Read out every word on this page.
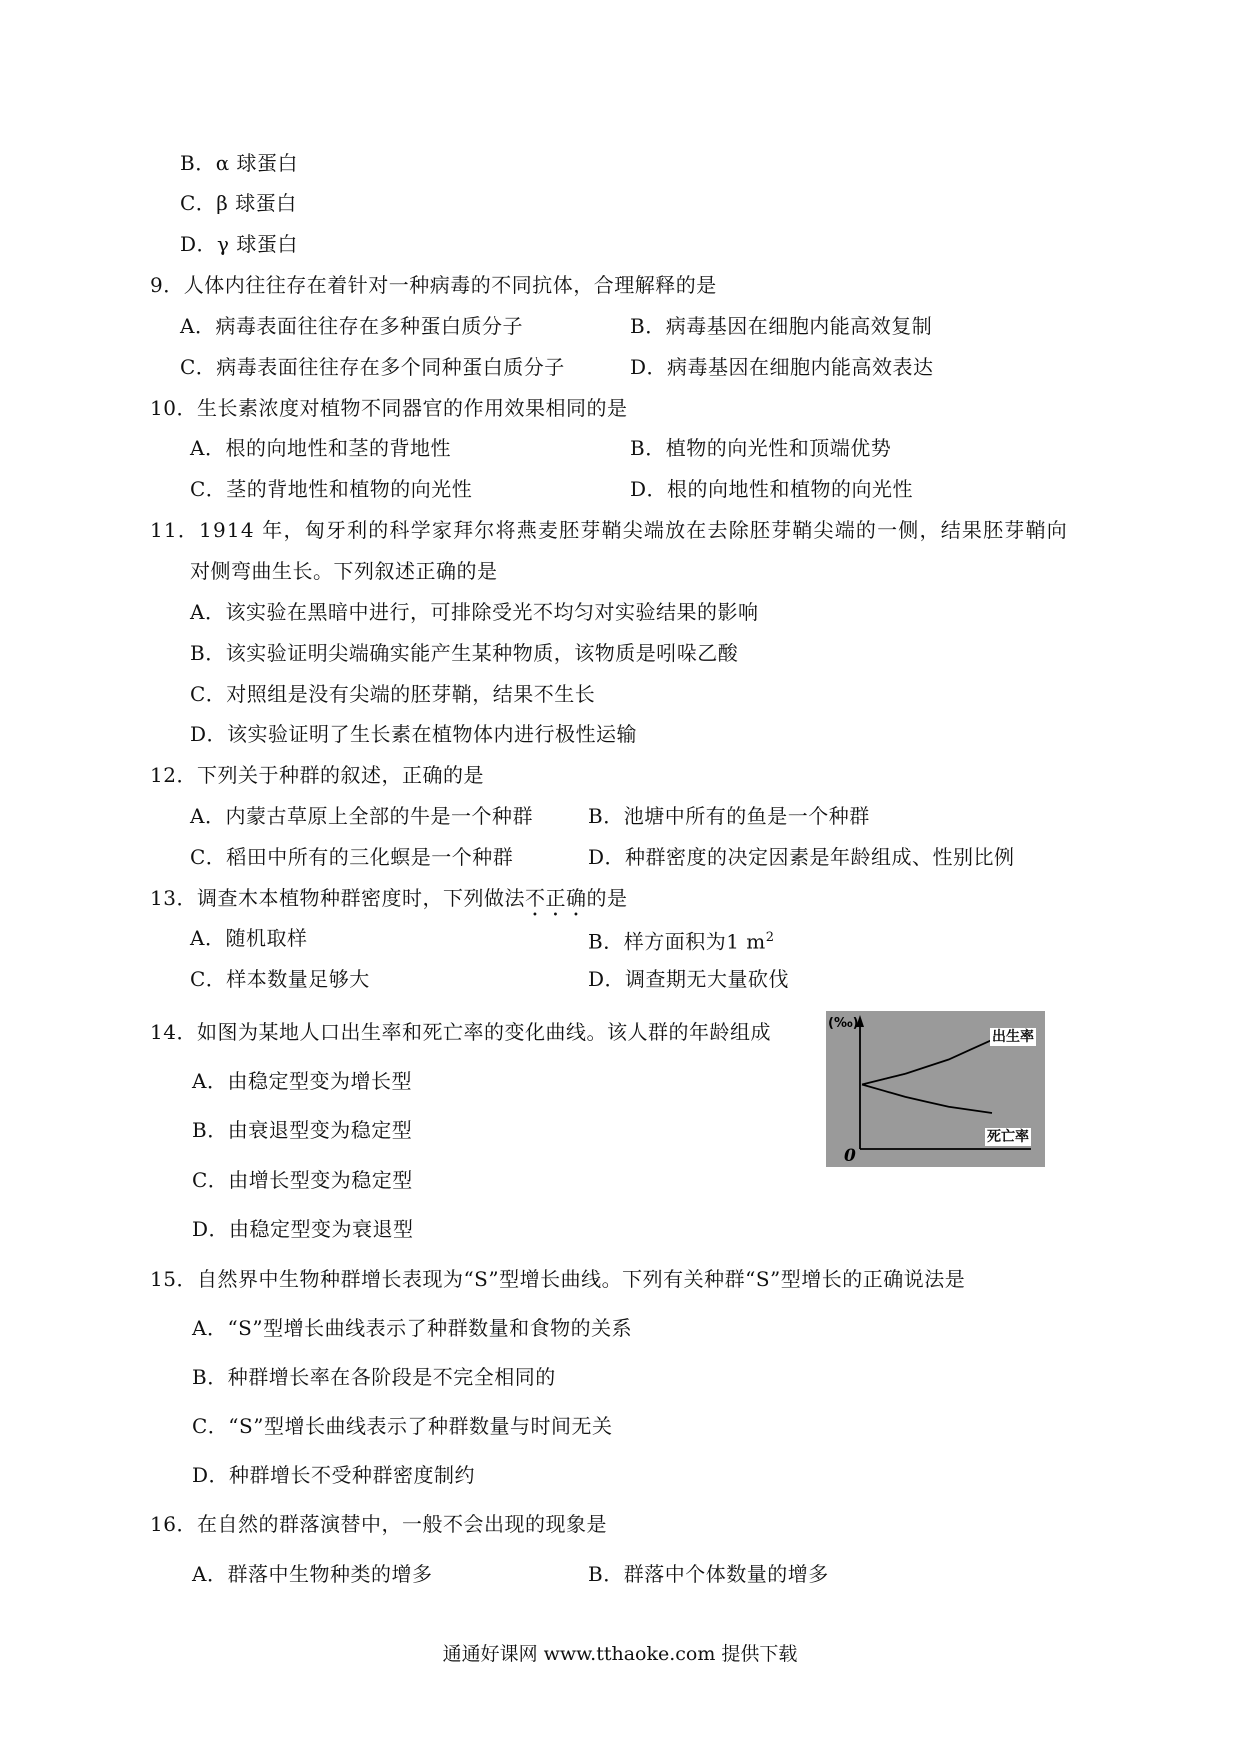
B．α 球蛋白
C．β 球蛋白
D．γ 球蛋白
9．人体内往往存在着针对一种病毒的不同抗体，合理解释的是
A．病毒表面往往存在多种蛋白质分子	B．病毒基因在细胞内能高效复制
C．病毒表面往往存在多个同种蛋白质分子	D．病毒基因在细胞内能高效表达
10．生长素浓度对植物不同器官的作用效果相同的是
A．根的向地性和茎的背地性	B．植物的向光性和顶端优势
C．茎的背地性和植物的向光性	D．根的向地性和植物的向光性
11．1914 年，匈牙利的科学家拜尔将燕麦胚芽鞘尖端放在去除胚芽鞘尖端的一侧，结果胚芽鞘向
对侧弯曲生长。下列叙述正确的是
A．该实验在黑暗中进行，可排除受光不均匀对实验结果的影响
B．该实验证明尖端确实能产生某种物质，该物质是吲哚乙酸
C．对照组是没有尖端的胚芽鞘，结果不生长
D．该实验证明了生长素在植物体内进行极性运输
12．下列关于种群的叙述，正确的是
A．内蒙古草原上全部的牛是一个种群	B．池塘中所有的鱼是一个种群
C．稻田中所有的三化螟是一个种群	D．种群密度的决定因素是年龄组成、性别比例
13．调查木本植物种群密度时，下列做法不正确的是
A．随机取样	B．样方面积为1 $m^2$
C．样本数量足够大	D．调查期无大量砍伐
14．如图为某地人口出生率和死亡率的变化曲线。该人群的年龄组成
A．由稳定型变为增长型
B．由衰退型变为稳定型
C．由增长型变为稳定型
D．由稳定型变为衰退型
(‰)
0
出生率
死亡率
15．自然界中生物种群增长表现为“S”型增长曲线。下列有关种群“S”型增长的正确说法是
A．“S”型增长曲线表示了种群数量和食物的关系
B．种群增长率在各阶段是不完全相同的
C．“S”型增长曲线表示了种群数量与时间无关
D．种群增长不受种群密度制约
16．在自然的群落演替中，一般不会出现的现象是
A．群落中生物种类的增多	B．群落中个体数量的增多
通通好课网 www.tthaoke.com 提供下载
